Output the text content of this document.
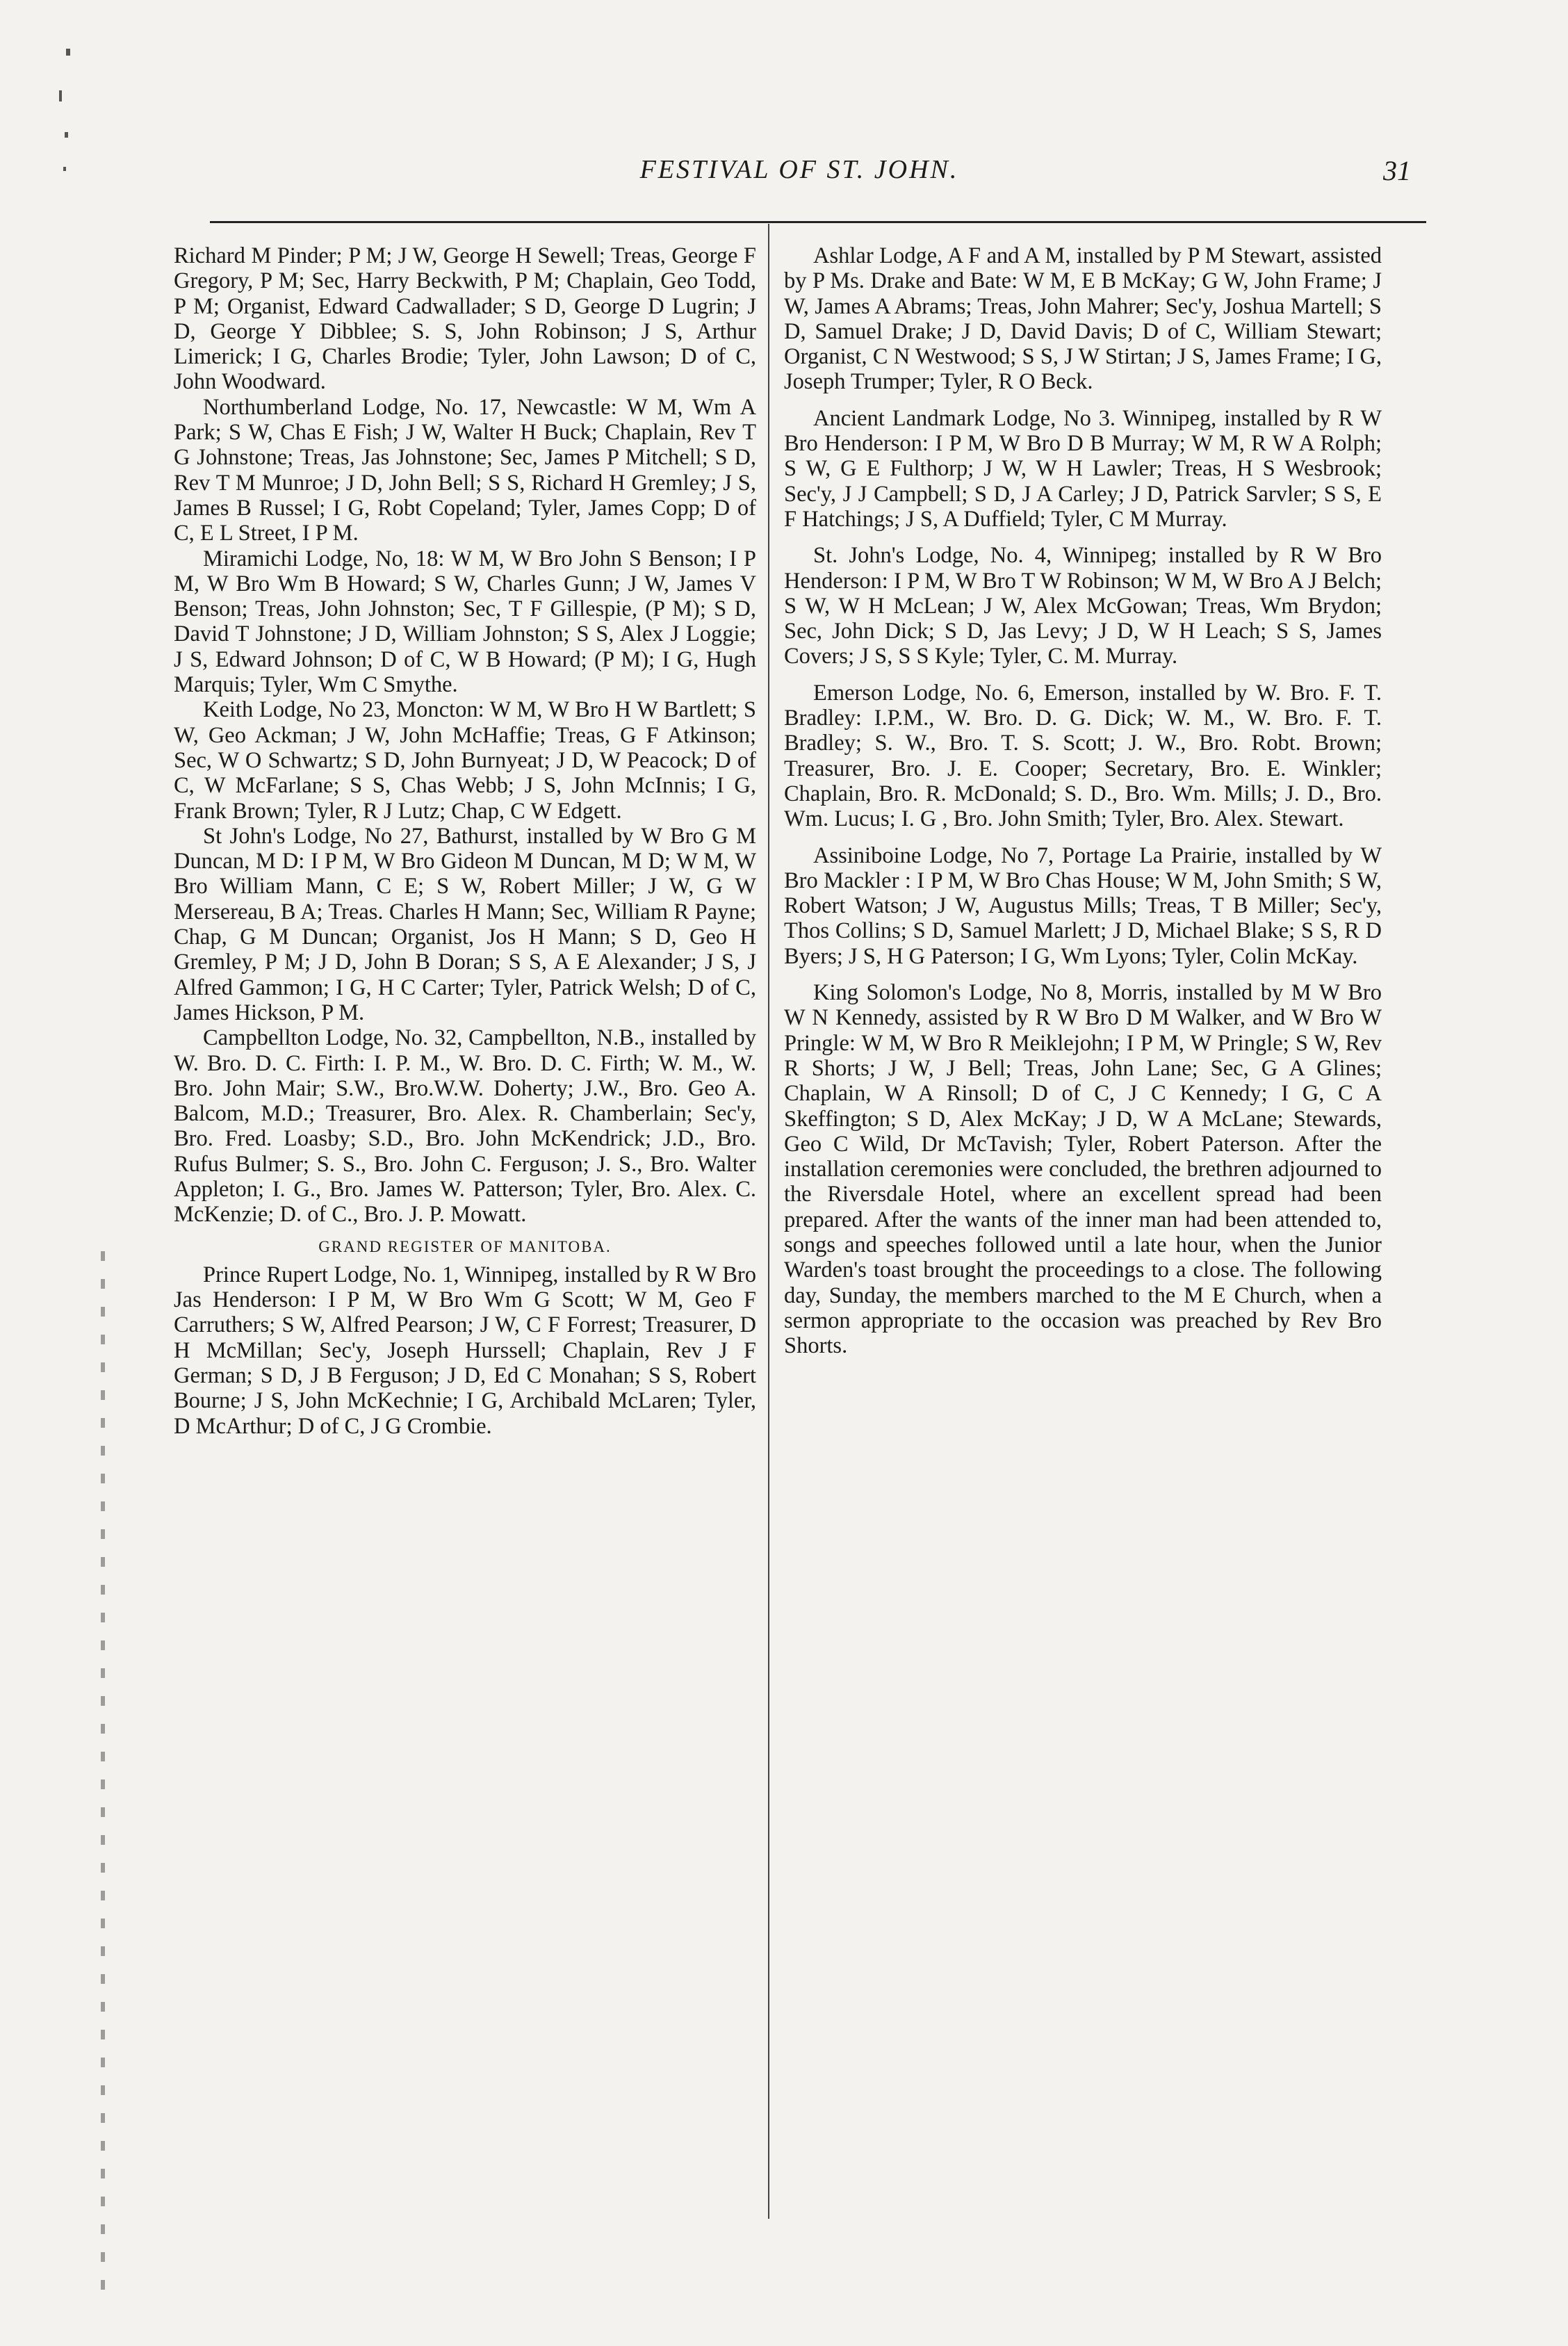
FESTIVAL OF ST. JOHN.	31

Richard M Pinder; P M; J W, George H Sewell; Treas, George F Gregory, P M; Sec, Harry Beckwith, P M; Chaplain, Geo Todd, P M; Organist, Edward Cadwallader; S D, George D Lugrin; J D, George Y Dibblee; S. S, John Robinson; J S, Arthur Limerick; I G, Charles Brodie; Tyler, John Lawson; D of C, John Woodward.

Northumberland Lodge, No. 17, Newcastle: W M, Wm A Park; S W, Chas E Fish; J W, Walter H Buck; Chaplain, Rev T G Johnstone; Treas, Jas Johnstone; Sec, James P Mitchell; S D, Rev T M Munroe; J D, John Bell; S S, Richard H Gremley; J S, James B Russel; I G, Robt Copeland; Tyler, James Copp; D of C, E L Street, I P M.

Miramichi Lodge, No, 18: W M, W Bro John S Benson; I P M, W Bro Wm B Howard; S W, Charles Gunn; J W, James V Benson; Treas, John Johnston; Sec, T F Gillespie, (P M); S D, David T Johnstone; J D, William Johnston; S S, Alex J Loggie; J S, Edward Johnson; D of C, W B Howard; (P M); I G, Hugh Marquis; Tyler, Wm C Smythe.

Keith Lodge, No 23, Moncton: W M, W Bro H W Bartlett; S W, Geo Ackman; J W, John McHaffie; Treas, G F Atkinson; Sec, W O Schwartz; S D, John Burnyeat; J D, W Peacock; D of C, W McFarlane; S S, Chas Webb; J S, John McInnis; I G, Frank Brown; Tyler, R J Lutz; Chap, C W Edgett.

St John's Lodge, No 27, Bathurst, installed by W Bro G M Duncan, M D: I P M, W Bro Gideon M Duncan, M D; W M, W Bro William Mann, C E; S W, Robert Miller; J W, G W Mersereau, B A; Treas. Charles H Mann; Sec, William R Payne; Chap, G M Duncan; Organist, Jos H Mann; S D, Geo H Gremley, P M; J D, John B Doran; S S, A E Alexander; J S, J Alfred Gammon; I G, H C Carter; Tyler, Patrick Welsh; D of C, James Hickson, P M.

Campbellton Lodge, No. 32, Campbellton, N.B., installed by W. Bro. D. C. Firth: I. P. M., W. Bro. D. C. Firth; W. M., W. Bro. John Mair; S.W., Bro.W.W. Doherty; J.W., Bro. Geo A. Balcom, M.D.; Treasurer, Bro. Alex. R. Chamberlain; Sec'y, Bro. Fred. Loasby; S.D., Bro. John McKendrick; J.D., Bro. Rufus Bulmer; S. S., Bro. John C. Ferguson; J. S., Bro. Walter Appleton; I. G., Bro. James W. Patterson; Tyler, Bro. Alex. C. McKenzie; D. of C., Bro. J. P. Mowatt.

GRAND REGISTER OF MANITOBA.

Prince Rupert Lodge, No. 1, Winnipeg, installed by R W Bro Jas Henderson: I P M, W Bro Wm G Scott; W M, Geo F Carruthers; S W, Alfred Pearson; J W, C F Forrest; Treasurer, D H McMillan; Sec'y, Joseph Hurssell; Chaplain, Rev J F German; S D, J B Ferguson; J D, Ed C Monahan; S S, Robert Bourne; J S, John McKechnie; I G, Archibald McLaren; Tyler, D McArthur; D of C, J G Crombie.

Ashlar Lodge, A F and A M, installed by P M Stewart, assisted by P Ms. Drake and Bate: W M, E B McKay; G W, John Frame; J W, James A Abrams; Treas, John Mahrer; Sec'y, Joshua Martell; S D, Samuel Drake; J D, David Davis; D of C, William Stewart; Organist, C N Westwood; S S, J W Stirtan; J S, James Frame; I G, Joseph Trumper; Tyler, R O Beck.

Ancient Landmark Lodge, No 3. Winnipeg, installed by R W Bro Henderson: I P M, W Bro D B Murray; W M, R W A Rolph; S W, G E Fulthorp; J W, W H Lawler; Treas, H S Wesbrook; Sec'y, J J Campbell; S D, J A Carley; J D, Patrick Sarvler; S S, E F Hatchings; J S, A Duffield; Tyler, C M Murray.

St. John's Lodge, No. 4, Winnipeg; installed by R W Bro Henderson: I P M, W Bro T W Robinson; W M, W Bro A J Belch; S W, W H McLean; J W, Alex McGowan; Treas, Wm Brydon; Sec, John Dick; S D, Jas Levy; J D, W H Leach; S S, James Covers; J S, S S Kyle; Tyler, C. M. Murray.

Emerson Lodge, No. 6, Emerson, installed by W. Bro. F. T. Bradley: I.P.M., W. Bro. D. G. Dick; W. M., W. Bro. F. T. Bradley; S. W., Bro. T. S. Scott; J. W., Bro. Robt. Brown; Treasurer, Bro. J. E. Cooper; Secretary, Bro. E. Winkler; Chaplain, Bro. R. McDonald; S. D., Bro. Wm. Mills; J. D., Bro. Wm. Lucus; I. G , Bro. John Smith; Tyler, Bro. Alex. Stewart.

Assiniboine Lodge, No 7, Portage La Prairie, installed by W Bro Mackler : I P M, W Bro Chas House; W M, John Smith; S W, Robert Watson; J W, Augustus Mills; Treas, T B Miller; Sec'y, Thos Collins; S D, Samuel Marlett; J D, Michael Blake; S S, R D Byers; J S, H G Paterson; I G, Wm Lyons; Tyler, Colin McKay.

King Solomon's Lodge, No 8, Morris, installed by M W Bro W N Kennedy, assisted by R W Bro D M Walker, and W Bro W Pringle: W M, W Bro R Meiklejohn; I P M, W Pringle; S W, Rev R Shorts; J W, J Bell; Treas, John Lane; Sec, G A Glines; Chaplain, W A Rinsoll; D of C, J C Kennedy; I G, C A Skeffington; S D, Alex McKay; J D, W A McLane; Stewards, Geo C Wild, Dr McTavish; Tyler, Robert Paterson. After the installation ceremonies were concluded, the brethren adjourned to the Riversdale Hotel, where an excellent spread had been prepared. After the wants of the inner man had been attended to, songs and speeches followed until a late hour, when the Junior Warden's toast brought the proceedings to a close. The following day, Sunday, the members marched to the M E Church, when a sermon appropriate to the occasion was preached by Rev Bro Shorts.
